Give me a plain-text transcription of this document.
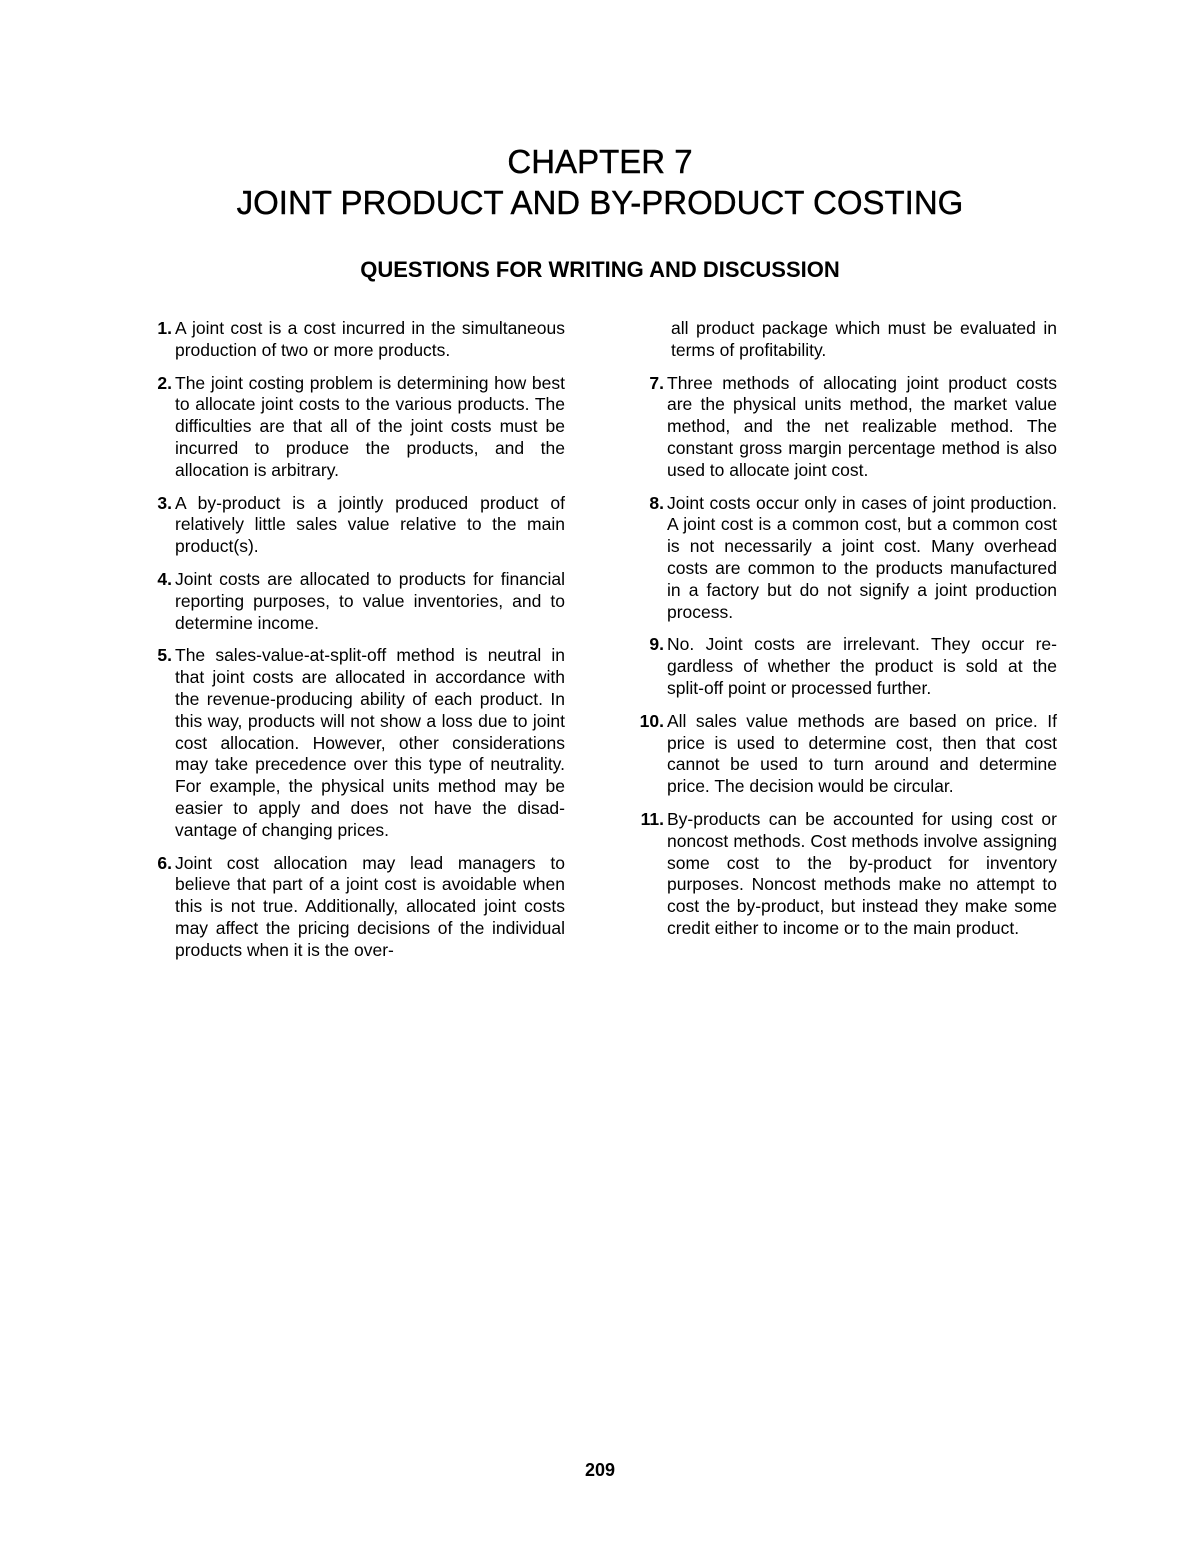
CHAPTER 7
JOINT PRODUCT AND BY-PRODUCT COSTING
QUESTIONS FOR WRITING AND DISCUSSION
1. A joint cost is a cost incurred in the simultaneous production of two or more products.
2. The joint costing problem is determining how best to allocate joint costs to the various products. The difficulties are that all of the joint costs must be incurred to produce the products, and the allocation is arbitrary.
3. A by-product is a jointly produced product of relatively little sales value relative to the main product(s).
4. Joint costs are allocated to products for financial reporting purposes, to value inventories, and to determine income.
5. The sales-value-at-split-off method is neutral in that joint costs are allocated in accordance with the revenue-producing ability of each product. In this way, products will not show a loss due to joint cost allocation. However, other considerations may take precedence over this type of neutrality. For example, the physical units method may be easier to apply and does not have the disadvantage of changing prices.
6. Joint cost allocation may lead managers to believe that part of a joint cost is avoidable when this is not true. Additionally, allocated joint costs may affect the pricing decisions of the individual products when it is the over-
all product package which must be evaluated in terms of profitability.
7. Three methods of allocating joint product costs are the physical units method, the market value method, and the net realizable method. The constant gross margin percentage method is also used to allocate joint cost.
8. Joint costs occur only in cases of joint production. A joint cost is a common cost, but a common cost is not necessarily a joint cost. Many overhead costs are common to the products manufactured in a factory but do not signify a joint production process.
9. No. Joint costs are irrelevant. They occur regardless of whether the product is sold at the split-off point or processed further.
10. All sales value methods are based on price. If price is used to determine cost, then that cost cannot be used to turn around and determine price. The decision would be circular.
11. By-products can be accounted for using cost or noncost methods. Cost methods involve assigning some cost to the by-product for inventory purposes. Noncost methods make no attempt to cost the by-product, but instead they make some credit either to income or to the main product.
209
